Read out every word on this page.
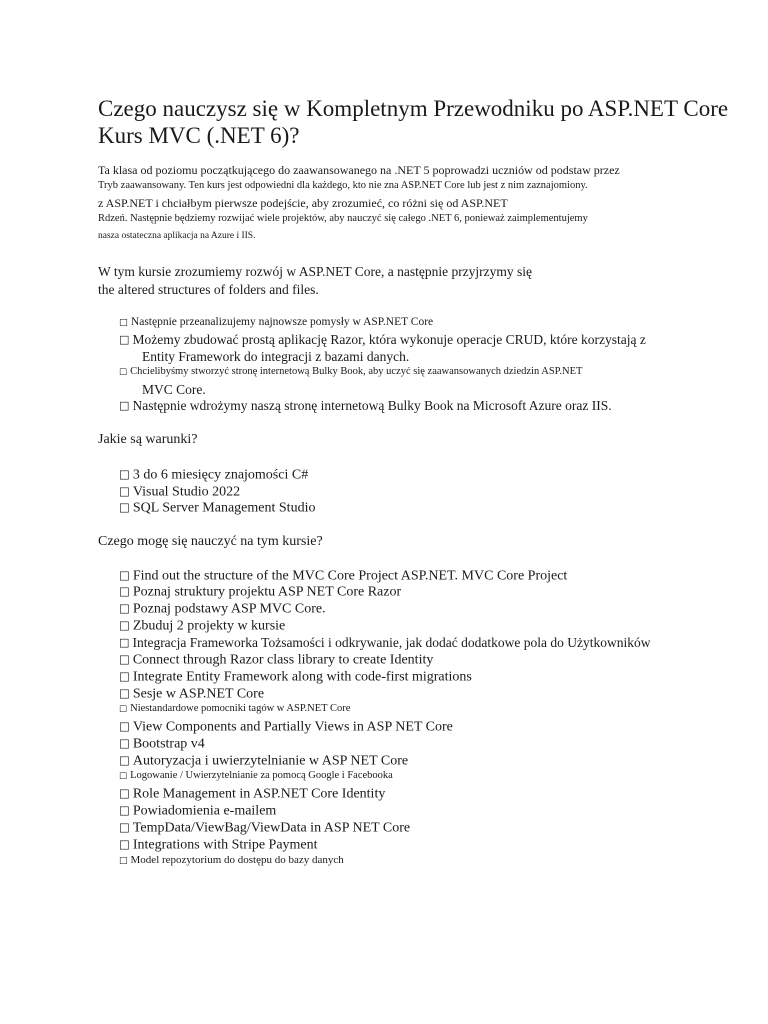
Czego nauczysz się w Kompletnym Przewodniku po ASP.NET Core Kurs MVC (.NET 6)?
Ta klasa od poziomu początkującego do zaawansowanego na .NET 5 poprowadzi uczniów od podstaw przez
Tryb zaawansowany. Ten kurs jest odpowiedni dla każdego, kto nie zna ASP.NET Core lub jest z nim zaznajomiony.
z ASP.NET i chciałbym pierwsze podejście, aby zrozumieć, co różni się od ASP.NET
Rdzeń. Następnie będziemy rozwijać wiele projektów, aby nauczyć się całego .NET 6, ponieważ zaimplementujemy
nasza ostateczna aplikacja na Azure i IIS.
W tym kursie zrozumiemy rozwój w ASP.NET Core, a następnie przyjrzymy się
the altered structures of folders and files.
□ Następnie przeanalizujemy najnowsze pomysły w ASP.NET Core
□ Możemy zbudować prostą aplikację Razor, która wykonuje operacje CRUD, które korzystają z
Entity Framework do integracji z bazami danych.
□ Chcielibyśmy stworzyć stronę internetową Bulky Book, aby uczyć się zaawansowanych dziedzin ASP.NET
MVC Core.
□ Następnie wdrożymy naszą stronę internetową Bulky Book na Microsoft Azure oraz IIS.
Jakie są warunki?
□ 3 do 6 miesięcy znajomości C#
□ Visual Studio 2022
□ SQL Server Management Studio
Czego mogę się nauczyć na tym kursie?
□ Find out the structure of the MVC Core Project ASP.NET. MVC Core Project
□ Poznaj struktury projektu ASP NET Core Razor
□ Poznaj podstawy ASP MVC Core.
□ Zbuduj 2 projekty w kursie
□ Integracja Frameworka Tożsamości i odkrywanie, jak dodać dodatkowe pola do Użytkowników
□ Connect through Razor class library to create Identity
□ Integrate Entity Framework along with code-first migrations
□ Sesje w ASP.NET Core
□ Niestandardowe pomocniki tagów w ASP.NET Core
□ View Components and Partially Views in ASP NET Core
□ Bootstrap v4
□ Autoryzacja i uwierzytelnianie w ASP NET Core
□ Logowanie / Uwierzytelnianie za pomocą Google i Facebooka
□ Role Management in ASP.NET Core Identity
□ Powiadomienia e-mailem
□ TempData/ViewBag/ViewData in ASP NET Core
□ Integrations with Stripe Payment
□ Model repozytorium do dostępu do bazy danych
